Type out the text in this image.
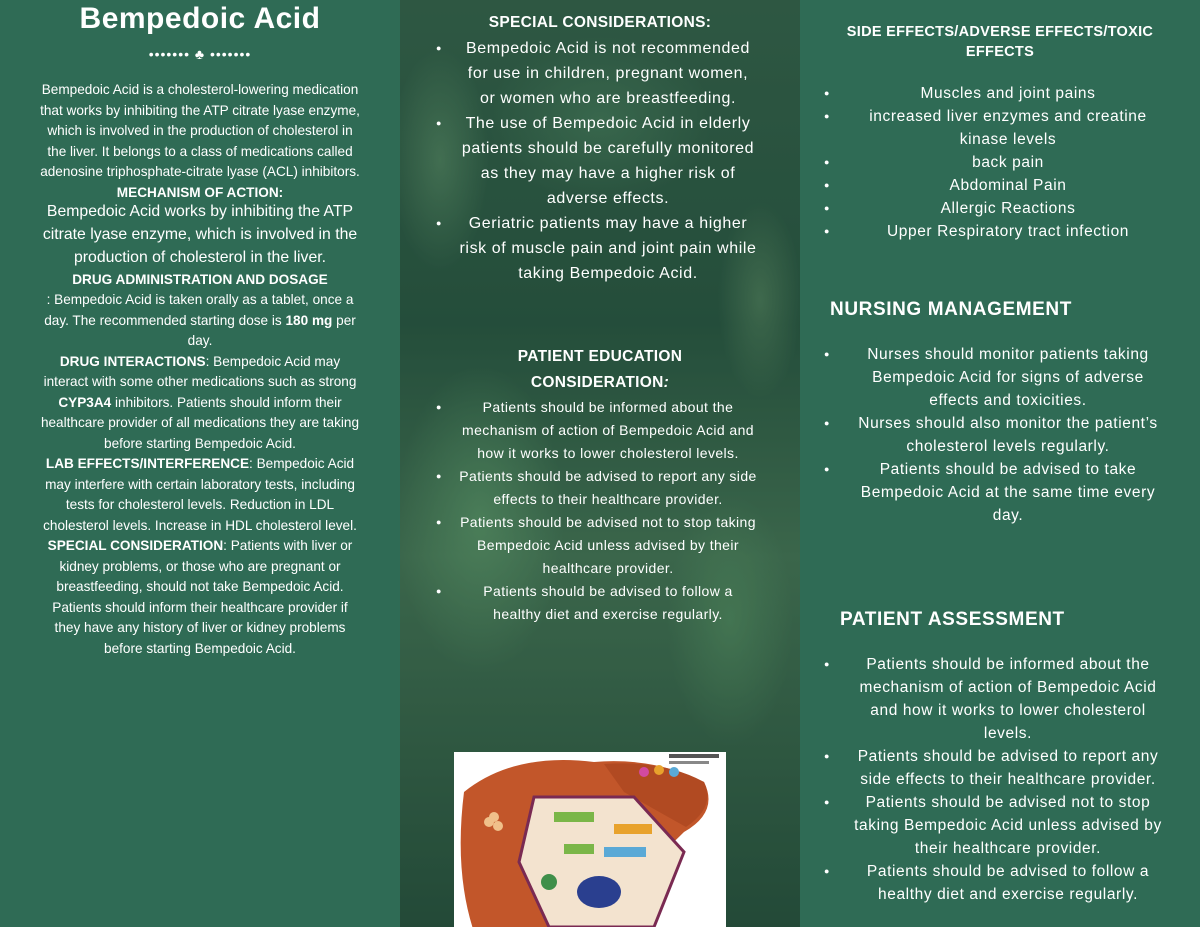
Bempedoic Acid
••••••• ♣ •••••••
Bempedoic Acid is a cholesterol-lowering medication that works by inhibiting the ATP citrate lyase enzyme, which is involved in the production of cholesterol in the liver. It belongs to a class of medications called adenosine triphosphate-citrate lyase (ACL) inhibitors.
MECHANISM OF ACTION:
Bempedoic Acid works by inhibiting the ATP citrate lyase enzyme, which is involved in the production of cholesterol in the liver.
DRUG ADMINISTRATION AND DOSAGE
: Bempedoic Acid is taken orally as a tablet, once a day. The recommended starting dose is 180 mg per day.
DRUG INTERACTIONS: Bempedoic Acid may interact with some other medications such as strong CYP3A4 inhibitors. Patients should inform their healthcare provider of all medications they are taking before starting Bempedoic Acid.
LAB EFFECTS/INTERFERENCE: Bempedoic Acid may interfere with certain laboratory tests, including tests for cholesterol levels. Reduction in LDL cholesterol levels. Increase in HDL cholesterol level.
SPECIAL CONSIDERATION: Patients with liver or kidney problems, or those who are pregnant or breastfeeding, should not take Bempedoic Acid. Patients should inform their healthcare provider if they have any history of liver or kidney problems before starting Bempedoic Acid.
SPECIAL CONSIDERATIONS:
● Bempedoic Acid is not recommended for use in children, pregnant women, or women who are breastfeeding.
● The use of Bempedoic Acid in elderly patients should be carefully monitored as they may have a higher risk of adverse effects.
● Geriatric patients may have a higher risk of muscle pain and joint pain while taking Bempedoic Acid.
PATIENT EDUCATION
CONSIDERATION:
● Patients should be informed about the mechanism of action of Bempedoic Acid and how it works to lower cholesterol levels.
● Patients should be advised to report any side effects to their healthcare provider.
● Patients should be advised not to stop taking Bempedoic Acid unless advised by their healthcare provider.
● Patients should be advised to follow a healthy diet and exercise regularly.
SIDE EFFECTS/ADVERSE EFFECTS/TOXIC EFFECTS
● Muscles and joint pains
● increased liver enzymes and creatine kinase levels
● back pain
● Abdominal Pain
● Allergic Reactions
● Upper Respiratory tract infection
NURSING MANAGEMENT
● Nurses should monitor patients taking Bempedoic Acid for signs of adverse effects and toxicities.
● Nurses should also monitor the patient’s cholesterol levels regularly.
● Patients should be advised to take Bempedoic Acid at the same time every day.
PATIENT ASSESSMENT
● Patients should be informed about the mechanism of action of Bempedoic Acid and how it works to lower cholesterol levels.
● Patients should be advised to report any side effects to their healthcare provider.
● Patients should be advised not to stop taking Bempedoic Acid unless advised by their healthcare provider.
● Patients should be advised to follow a healthy diet and exercise regularly.
